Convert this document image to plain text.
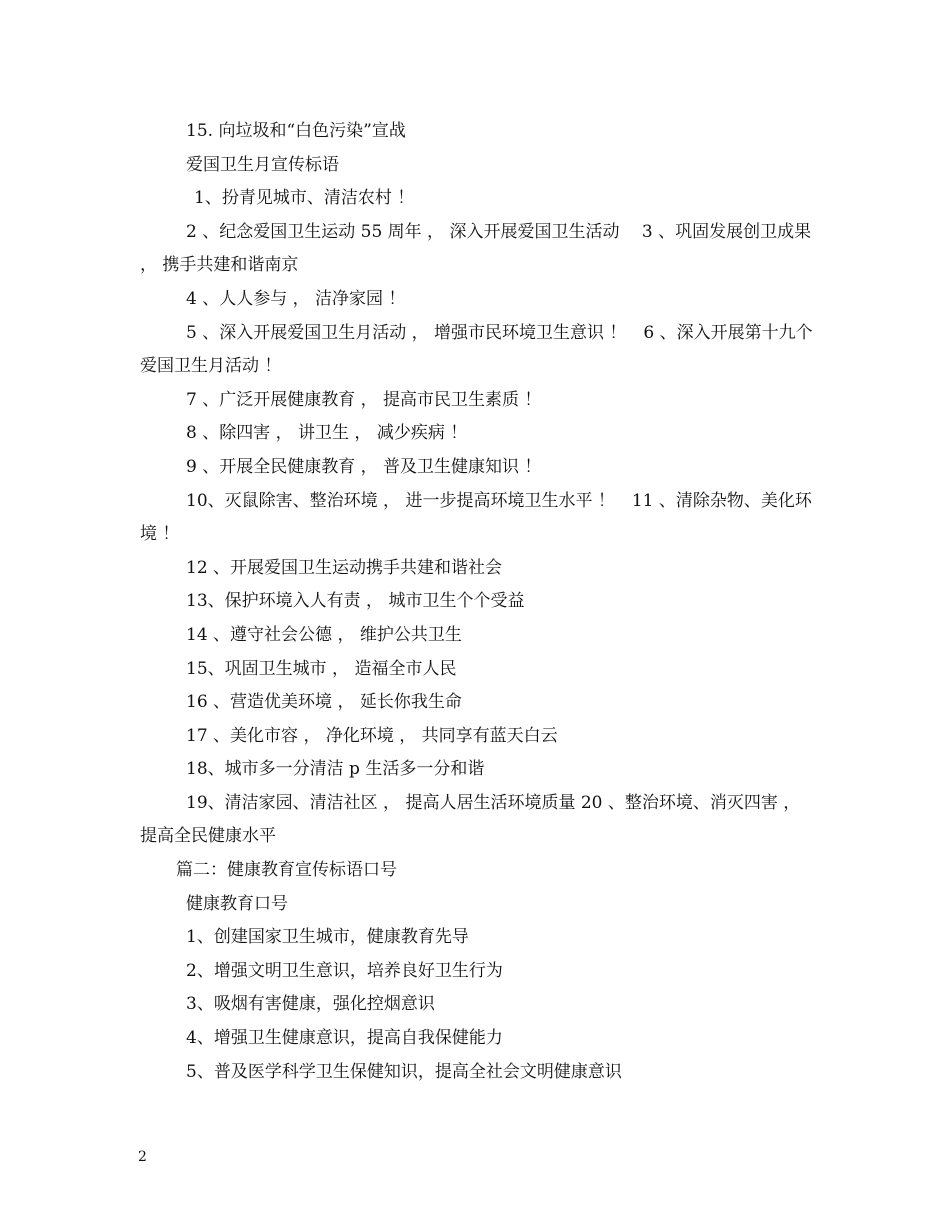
15. 向垃圾和“白色污染”宣战
爱国卫生月宣传标语
1、扮青见城市、清洁农村 ！
2 、纪念爱国卫生运动 55 周年 ， 深入开展爱国卫生活动　 3 、巩固发展创卫成果 ， 携手共建和谐南京
4 、人人参与 ， 洁净家园 ！
5 、深入开展爱国卫生月活动 ， 增强市民环境卫生意识 ！　6 、深入开展第十九个爱国卫生月活动 ！
7 、广泛开展健康教育 ， 提高市民卫生素质 ！
8 、除四害 ， 讲卫生 ， 减少疾病 ！
9 、开展全民健康教育 ， 普及卫生健康知识 ！
10、灭鼠除害、整治环境 ， 进一步提高环境卫生水平 ！　11 、清除杂物、美化环境 ！
12 、开展爱国卫生运动携手共建和谐社会
13、保护环境入人有责 ， 城市卫生个个受益
14 、遵守社会公德 ， 维护公共卫生
15、巩固卫生城市 ， 造福全市人民
16 、营造优美环境 ， 延长你我生命
17 、美化市容 ， 净化环境 ， 共同享有蓝天白云
18、城市多一分清洁 p 生活多一分和谐
19、清洁家园、清洁社区 ， 提高人居生活环境质量 20 、整治环境、消灭四害 ， 提高全民健康水平
篇二：健康教育宣传标语口号
健康教育口号
1、创建国家卫生城市，健康教育先导
2、增强文明卫生意识，培养良好卫生行为
3、吸烟有害健康，强化控烟意识
4、增强卫生健康意识，提高自我保健能力
5、普及医学科学卫生保健知识，提高全社会文明健康意识
2
